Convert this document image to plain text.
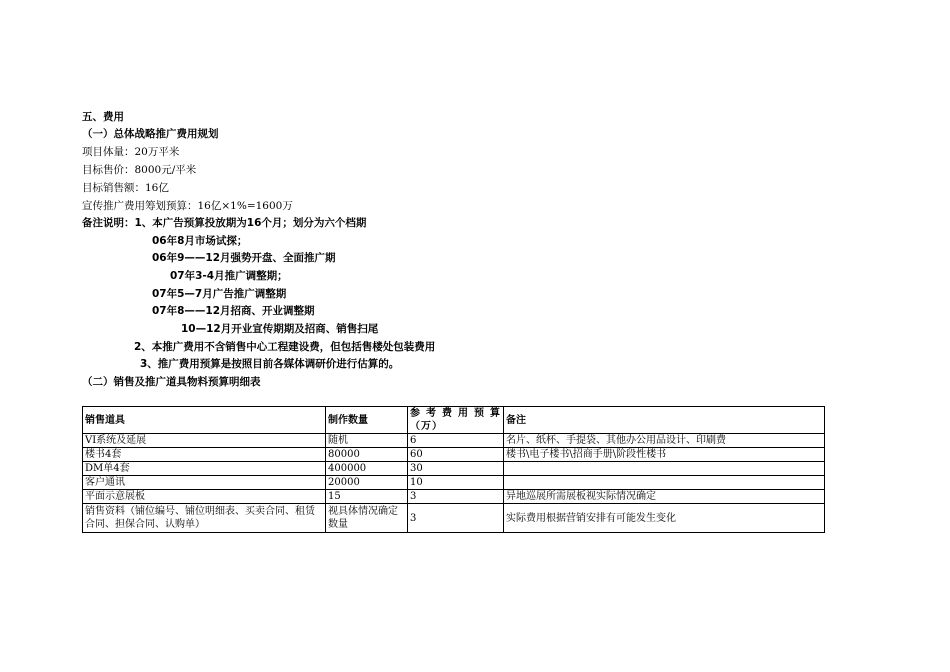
五、费用
（一）总体战略推广费用规划
项目体量：20万平米
目标售价：8000元/平米
目标销售额：16亿
宣传推广费用筹划预算：16亿×1%=1600万
备注说明：1、本广告预算投放期为16个月；划分为六个档期
06年8月市场试探；
06年9——12月强势开盘、全面推广期
07年3-4月推广调整期；
07年5—7月广告推广调整期
07年8——12月招商、开业调整期
10—12月开业宣传期期及招商、销售扫尾
2、本推广费用不含销售中心工程建设费，但包括售楼处包装费用
3、推广费用预算是按照目前各媒体调研价进行估算的。
（二）销售及推广道具物料预算明细表
销售道具	制作数量	参考费用预算（万）	备注
VI系统及延展	随机	6	名片、纸杯、手提袋、其他办公用品设计、印刷费
楼书4套	80000	60	楼书\电子楼书\招商手册\阶段性楼书
DM单4套	400000	30	
客户通讯	20000	10	
平面示意展板	15	3	异地巡展所需展板视实际情况确定
销售资料（铺位编号、铺位明细表、买卖合同、租赁合同、担保合同、认购单）	视具体情况确定数量	3	实际费用根据营销安排有可能发生变化
